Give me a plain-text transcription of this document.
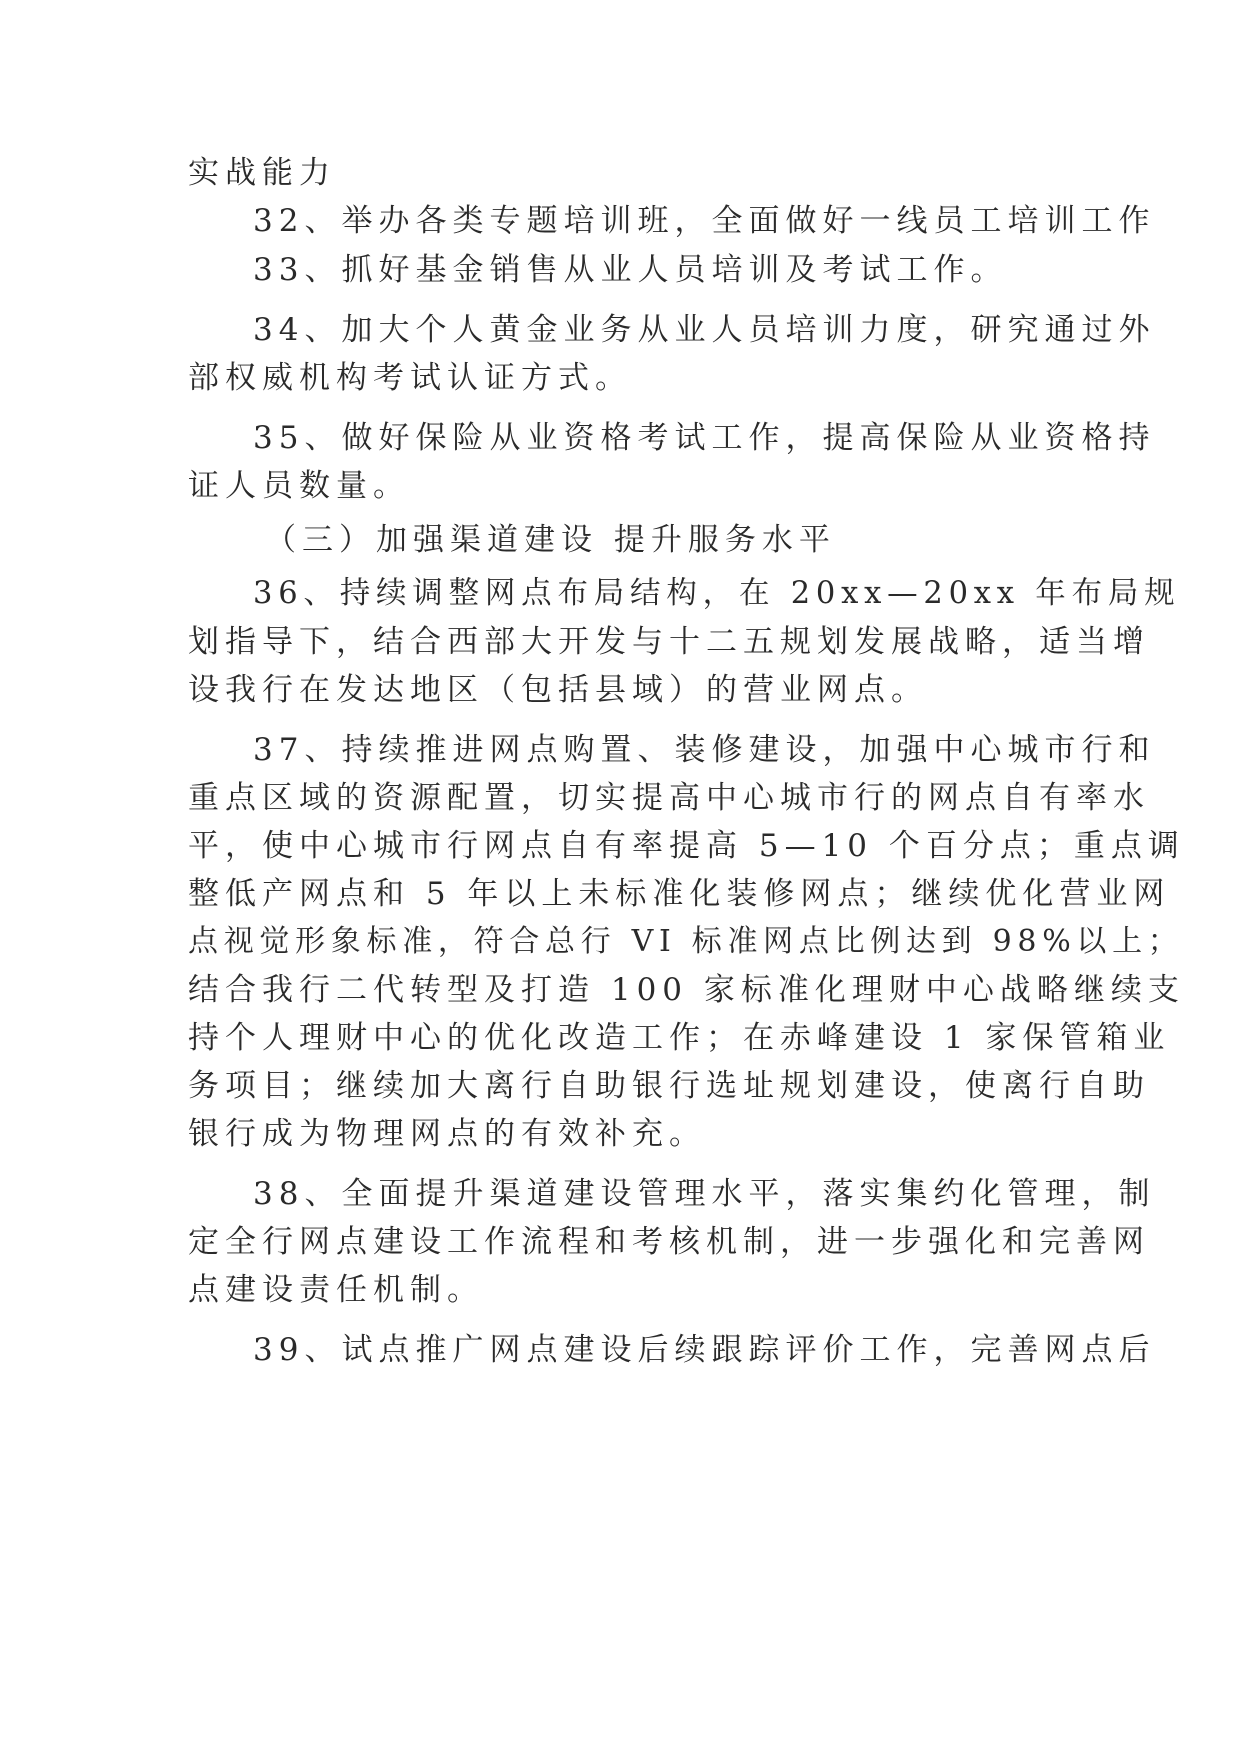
实战能力
32、举办各类专题培训班，全面做好一线员工培训工作
33、抓好基金销售从业人员培训及考试工作。
34、加大个人黄金业务从业人员培训力度，研究通过外
部权威机构考试认证方式。
35、做好保险从业资格考试工作，提高保险从业资格持
证人员数量。
（三）加强渠道建设 提升服务水平
36、持续调整网点布局结构，在 20xx—20xx 年布局规
划指导下，结合西部大开发与十二五规划发展战略，适当增
设我行在发达地区（包括县域）的营业网点。
37、持续推进网点购置、装修建设，加强中心城市行和
重点区域的资源配置，切实提高中心城市行的网点自有率水
平，使中心城市行网点自有率提高 5—10 个百分点；重点调
整低产网点和 5 年以上未标准化装修网点；继续优化营业网
点视觉形象标准，符合总行 VI 标准网点比例达到 98%以上；
结合我行二代转型及打造 100 家标准化理财中心战略继续支
持个人理财中心的优化改造工作；在赤峰建设 1 家保管箱业
务项目；继续加大离行自助银行选址规划建设，使离行自助
银行成为物理网点的有效补充。
38、全面提升渠道建设管理水平，落实集约化管理，制
定全行网点建设工作流程和考核机制，进一步强化和完善网
点建设责任机制。
39、试点推广网点建设后续跟踪评价工作，完善网点后
